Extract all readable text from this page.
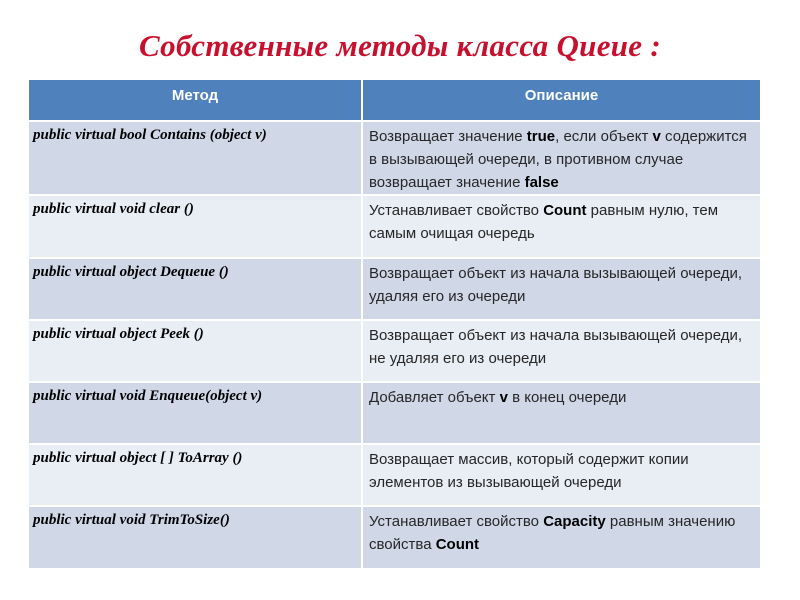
Собственные методы класса Queue :
Метод	Описание
public virtual bool Contains (object v)	Возвращает значение true, если объект v содержится в вызывающей очереди, в противном случае возвращает значение false
public virtual void clear ()	Устанавливает свойство Count равным нулю, тем самым очищая очередь
public virtual object Dequeue ()	Возвращает объект из начала вызывающей очереди, удаляя его из очереди
public virtual object Peek ()	Возвращает объект из начала вызывающей очереди, не удаляя его из очереди
public virtual void Enqueue(object v)	Добавляет объект v в конец очереди
public virtual object [ ] ToArray ()	Возвращает массив, который содержит копии элементов из вызывающей очереди
public virtual void TrimToSize()	Устанавливает свойство Capacity равным значению свойства Count
